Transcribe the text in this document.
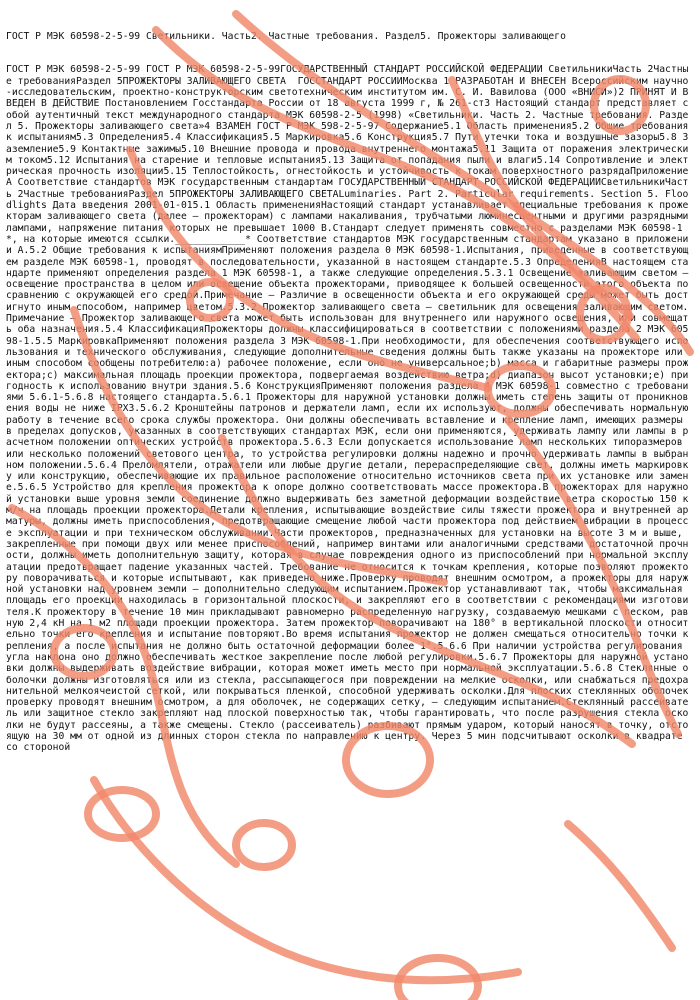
ГОСТ Р МЭК 60598-2-5-99 Светильники. Часть2. Частные требования. Раздел5. Прожекторы заливающего

ГОСТ Р МЭК 60598-2-5-99 ГОСТ Р МЭК 60598-2-5-99ГОСУДАРСТВЕННЫЙ СТАНДАРТ РОССИЙСКОЙ ФЕДЕРАЦИИ СветильникиЧасть 2Частные требованияРаздел 5ПРОЖЕКТОРЫ ЗАЛИВАЮЩЕГО СВЕТА  ГОССТАНДАРТ РОССИИМосква 1 РАЗРАБОТАН И ВНЕСЕН Всероссийским научно-исследовательским, проектно-конструкторским светотехническим институтом им. С. И. Вавилова (ООО «ВНИСИ»)2 ПРИНЯТ И ВВЕДЕН В ДЕЙСТВИЕ Постановлением Госстандарта России от 18 августа 1999 г, № 261-ст3 Настоящий стандарт представляет собой аутентичный текст международного стандарта МЭК 60598-2-5 (1998) «Светильники. Часть 2. Частные требования. Раздел 5. Прожекторы заливающего света»4 ВЗАМЕН ГОСТ Р МЭК 598-2-5-97 Содержание5.1 Область применения5.2 Общие требования к испытаниям5.3 Определения5.4 Классификация5.5 Маркировка5.6 Конструкция5.7 Пути утечки тока и воздушные зазоры5.8 Заземление5.9 Контактные зажимы5.10 Внешние провода и провода внутреннего монтажа5.11 Защита от поражения электрическим током5.12 Испытания на старение и тепловые испытания5.13 Защита от попадания пыли и влаги5.14 Сопротивление и электрическая прочность изоляции5.15 Теплостойкость, огнестойкость и устойчивость к токам поверхностного разрядаПриложение А Соответствие стандартов МЭК государственным стандартам ГОСУДАРСТВЕННЫЙ СТАНДАРТ РОССИЙСКОЙ ФЕДЕРАЦИИСветильникиЧасть 2Частные требованияРаздел 5ПРОЖЕКТОРЫ ЗАЛИВАЮЩЕГО СВЕТАLuminaries. Part 2. Particular requirements. Section 5. Floodlights Дата введения 2001-01-015.1 Область примененияНастоящий стандарт устанавливает специальные требования к прожекторам заливающего света (далее — прожекторам) с лампами накаливания, трубчатыми люминесцентными и другими разрядными лампами, напряжение питания которых не превышает 1000 В.Стандарт следует применять совместно с разделами МЭК 60598-1*, на которые имеются ссылки.____________* Соответствие стандартов МЭК государственным стандартам указано в приложении А.5.2 Общие требования к испытаниямПрименяют положения раздела 0 МЭК 60598-1.Испытания, приведенные в соответствующем разделе МЭК 60598-1, проводят в последовательности, указанной в настоящем стандарте.5.3 ОпределенияВ настоящем стандарте применяют определения раздела 1 МЭК 60598-1, а также следующие определения.5.3.1 Освещение заливающим светом — освещение пространства в целом или освещение объекта прожекторами, приводящее к большей освещенности этого объекта по сравнению с окружающей его средой.Примечание — Различие в освещенности объекта и его окружающей среды может быть достигнуто иным способом, например цветом.5.3.2 Прожектор заливающего света — светильник для освещения заливающим светом.Примечание — Прожектор заливающего света может быть использован для внутреннего или наружного освещения, или совмещать оба назначения.5.4 КлассификацияПрожекторы должны классифицироваться в соответствии с положениями раздела 2 МЭК 60598-1.5.5 МаркировкаПрименяют положения раздела 3 МЭК 60598-1.При необходимости, для обеспечения соответствующего использования и технического обслуживания, следующие дополнительные сведения должны быть также указаны на прожекторе или иным способом сообщены потребителю:а) рабочее положение, если оно не универсальное;b) масса и габаритные размеры прожектора;с) максимальная площадь проекции прожектора, подвергаемая воздействию ветра;d) диапазон высот установки;е) пригодность к использованию внутри здания.5.6 КонструкцияПрименяют положения раздела 4 МЭК 60598-1 совместно с требованиями 5.6.1-5.6.8 настоящего стандарта.5.6.1 Прожекторы для наружной установки должны иметь степень защиты от проникновения воды не ниже IPX3.5.6.2 Кронштейны патронов и держатели ламп, если их используют, должны обеспечивать нормальную работу в течение всего срока службы прожектора. Они должны обеспечивать вставление и крепление ламп, имеющих размеры в пределах допусков, указанных в соответствующих стандартах МЭК, если они применяются, удерживать лампу или лампы в расчетном положении оптических устройств прожектора.5.6.3 Если допускается использование ламп нескольких типоразмеров или несколько положений светового центра, то устройства регулировки должны надежно и прочно удерживать лампы в выбранном положении.5.6.4 Преломлятели, отражатели или любые другие детали, перераспределяющие свет, должны иметь маркировку или конструкцию, обеспечивающие их правильное расположение относительно источников света при их установке или замене.5.6.5 Устройство для крепления прожектора к опоре должно соответствовать массе прожектора.В прожекторах для наружной установки выше уровня земли соединение должно выдерживать без заметной деформации воздействие ветра скоростью 150 км/ч на площадь проекции прожектора.Детали крепления, испытывающие воздействие силы тяжести прожектора и внутренней арматуры, должны иметь приспособления, предотвращающие смещение любой части прожектора под действием вибрации в процессе эксплуатации и при техническом обслуживании.Части прожекторов, предназначенных для установки на высоте 3 м и выше, закрепленные при помощи двух или менее приспособлений, например винтами или аналогичными средствами достаточной прочности, должны иметь дополнительную защиту, которая в случае повреждения одного из приспособлений при нормальной эксплуатации предотвращает падение указанных частей. Требование не относится к точкам крепления, которые позволяют прожектору поворачиваться и которые испытывают, как приведено ниже.Проверку проводят внешним осмотром, а прожекторы для наружной установки над уровнем земли — дополнительно следующим испытанием.Прожектор устанавливают так, чтобы максимальная площадь его проекции находилась в горизонтальной плоскости, и закрепляют его в соответствии с рекомендациями изготовителя.К прожектору в течение 10 мин прикладывают равномерно распределенную нагрузку, создаваемую мешками с песком, равную 2,4 кН на 1 м2 площади проекции прожектора. Затем прожектор поворачивают на 180° в вертикальной плоскости относительно точки его крепления и испытание повторяют.Во время испытания прожектор не должен смещаться относительно точки крепления, а после испытания не должно быть остаточной деформации более 1°.5.6.6 При наличии устройства регулирования угла наклона оно должно обеспечивать жесткое закрепление после любой регулировки.5.6.7 Прожекторы для наружной установки должны выдерживать воздействие вибрации, которая может иметь место при нормальной эксплуатации.5.6.8 Стеклянные оболочки должны изготовляться или из стекла, рассыпающегося при повреждении на мелкие осколки, или снабжаться предохранительной мелкоячеистой сеткой, или покрываться пленкой, способной удерживать осколки.Для плоских стеклянных оболочек проверку проводят внешним осмотром, а для оболочек, не содержащих сетку, — следующим испытанием.Стеклянный рассеиватель или защитное стекло закрепляют над плоской поверхностью так, чтобы гарантировать, что после разрушения стекла осколки не будут рассеяны, а также смещены. Стекло (рассеиватель) разбивают прямым ударом, который наносят в точку, отстоящую на 30 мм от одной из длинных сторон стекла по направлению к центру. Через 5 мин подсчитывают осколки в квадрате со стороной
